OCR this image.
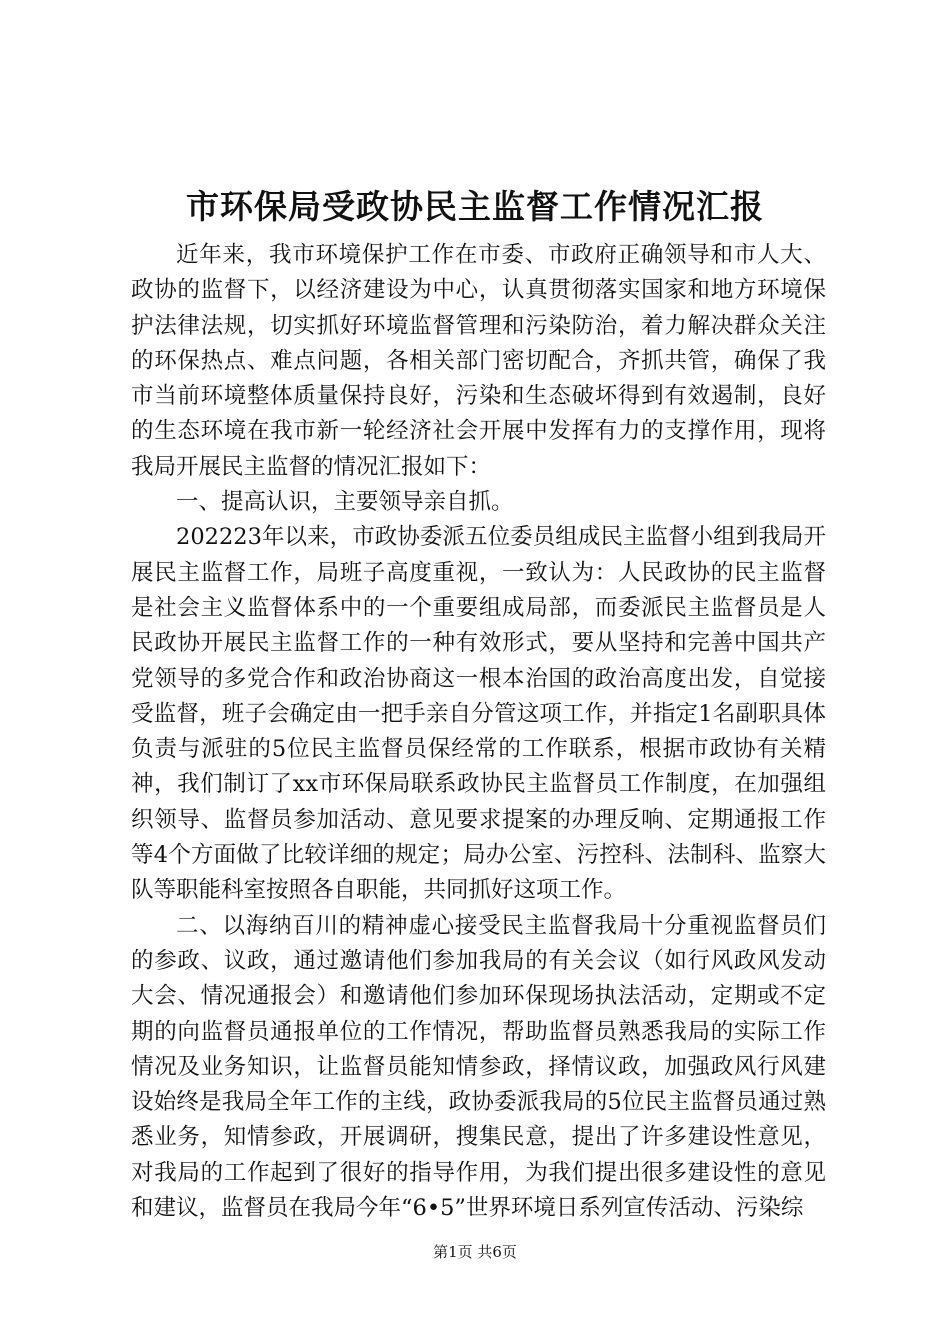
市环保局受政协民主监督工作情况汇报

近年来，我市环境保护工作在市委、市政府正确领导和市人大、政协的监督下，以经济建设为中心，认真贯彻落实国家和地方环境保护法律法规，切实抓好环境监督管理和污染防治，着力解决群众关注的环保热点、难点问题，各相关部门密切配合，齐抓共管，确保了我市当前环境整体质量保持良好，污染和生态破坏得到有效遏制，良好的生态环境在我市新一轮经济社会开展中发挥有力的支撑作用，现将我局开展民主监督的情况汇报如下：

一、提高认识，主要领导亲自抓。

202223年以来，市政协委派五位委员组成民主监督小组到我局开展民主监督工作，局班子高度重视，一致认为：人民政协的民主监督是社会主义监督体系中的一个重要组成局部，而委派民主监督员是人民政协开展民主监督工作的一种有效形式，要从坚持和完善中国共产党领导的多党合作和政治协商这一根本治国的政治高度出发，自觉接受监督，班子会确定由一把手亲自分管这项工作，并指定1名副职具体负责与派驻的5位民主监督员保经常的工作联系，根据市政协有关精神，我们制订了xx市环保局联系政协民主监督员工作制度，在加强组织领导、监督员参加活动、意见要求提案的办理反响、定期通报工作等4个方面做了比较详细的规定；局办公室、污控科、法制科、监察大队等职能科室按照各自职能，共同抓好这项工作。

二、以海纳百川的精神虚心接受民主监督我局十分重视监督员们的参政、议政，通过邀请他们参加我局的有关会议（如行风政风发动大会、情况通报会）和邀请他们参加环保现场执法活动，定期或不定期的向监督员通报单位的工作情况，帮助监督员熟悉我局的实际工作情况及业务知识，让监督员能知情参政，择情议政，加强政风行风建设始终是我局全年工作的主线，政协委派我局的5位民主监督员通过熟悉业务，知情参政，开展调研，搜集民意，提出了许多建设性意见，对我局的工作起到了很好的指导作用，为我们提出很多建设性的意见和建议，监督员在我局今年“6•5”世界环境日系列宣传活动、污染综

第1页 共6页
